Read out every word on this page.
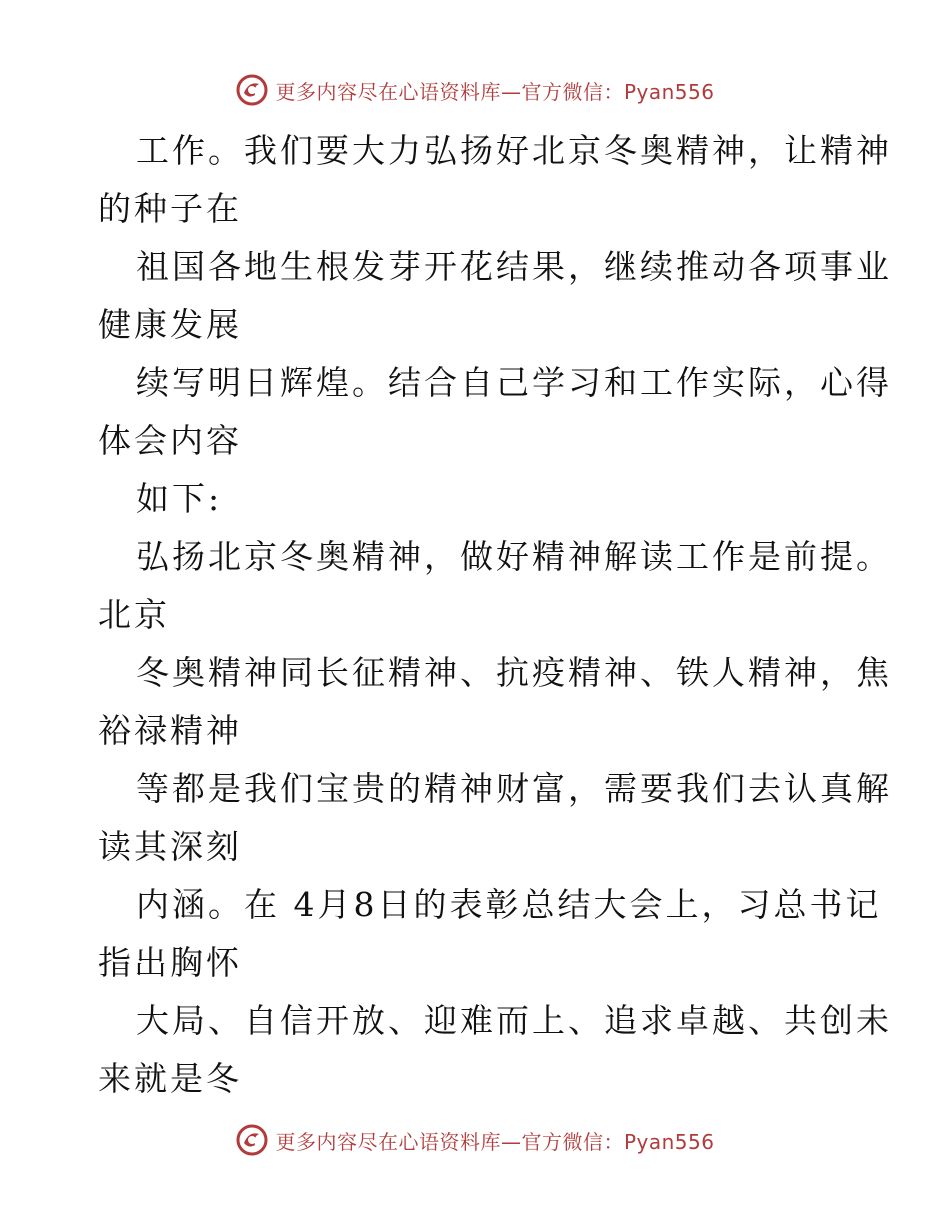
更多内容尽在心语资料库—官方微信：Pyan556
工作。我们要大力弘扬好北京冬奥精神，让精神
的种子在
祖国各地生根发芽开花结果，继续推动各项事业
健康发展
续写明日辉煌。结合自己学习和工作实际，心得
体会内容
如下:
弘扬北京冬奥精神，做好精神解读工作是前提。
北京
冬奥精神同长征精神、抗疫精神、铁人精神，焦
裕禄精神
等都是我们宝贵的精神财富，需要我们去认真解
读其深刻
内涵。在 4月8日的表彰总结大会上，习总书记
指出胸怀
大局、自信开放、迎难而上、追求卓越、共创未
来就是冬
更多内容尽在心语资料库—官方微信：Pyan556
